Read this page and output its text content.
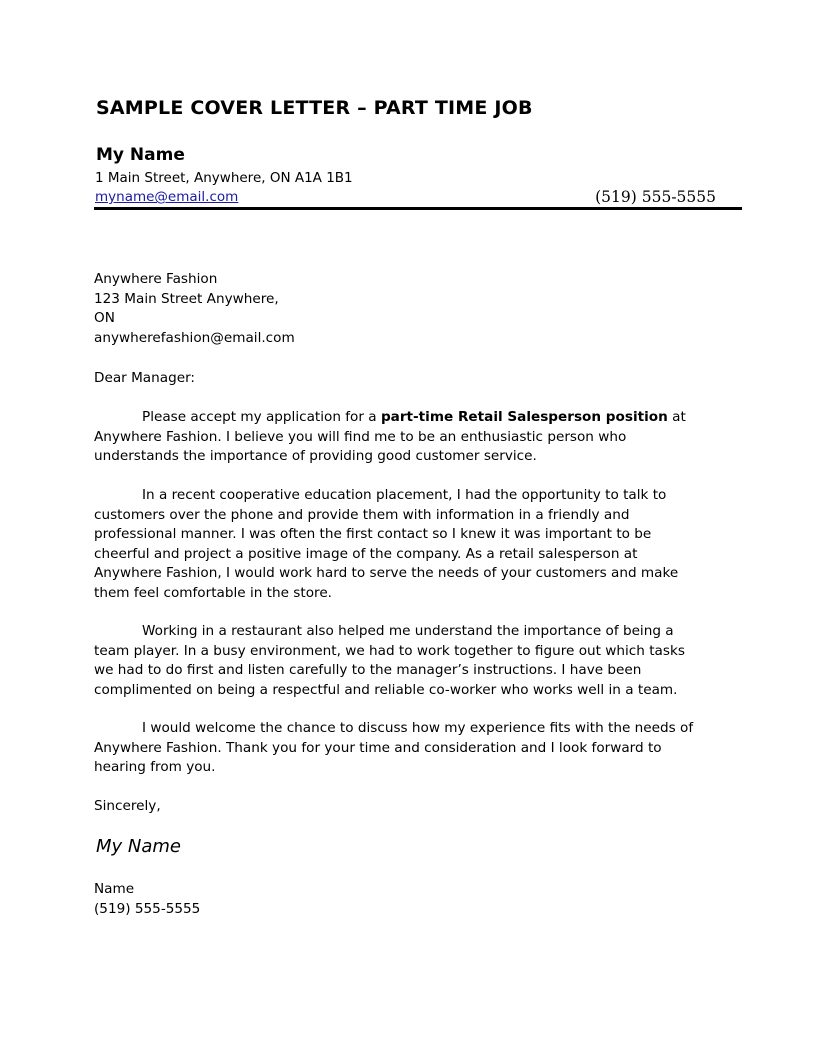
SAMPLE COVER LETTER – PART TIME JOB
My Name
1 Main Street, Anywhere, ON A1A 1B1
myname@email.com	(519) 555-5555
Anywhere Fashion
123 Main Street Anywhere,
ON
anywherefashion@email.com
Dear Manager:

Please accept my application for a part-time Retail Salesperson position at Anywhere Fashion. I believe you will find me to be an enthusiastic person who understands the importance of providing good customer service.

In a recent cooperative education placement, I had the opportunity to talk to customers over the phone and provide them with information in a friendly and professional manner. I was often the first contact so I knew it was important to be cheerful and project a positive image of the company. As a retail salesperson at Anywhere Fashion, I would work hard to serve the needs of your customers and make them feel comfortable in the store.

Working in a restaurant also helped me understand the importance of being a team player. In a busy environment, we had to work together to figure out which tasks we had to do first and listen carefully to the manager’s instructions. I have been complimented on being a respectful and reliable co-worker who works well in a team.

I would welcome the chance to discuss how my experience fits with the needs of Anywhere Fashion. Thank you for your time and consideration and I look forward to hearing from you.

Sincerely,
My Name
Name
(519) 555-5555
